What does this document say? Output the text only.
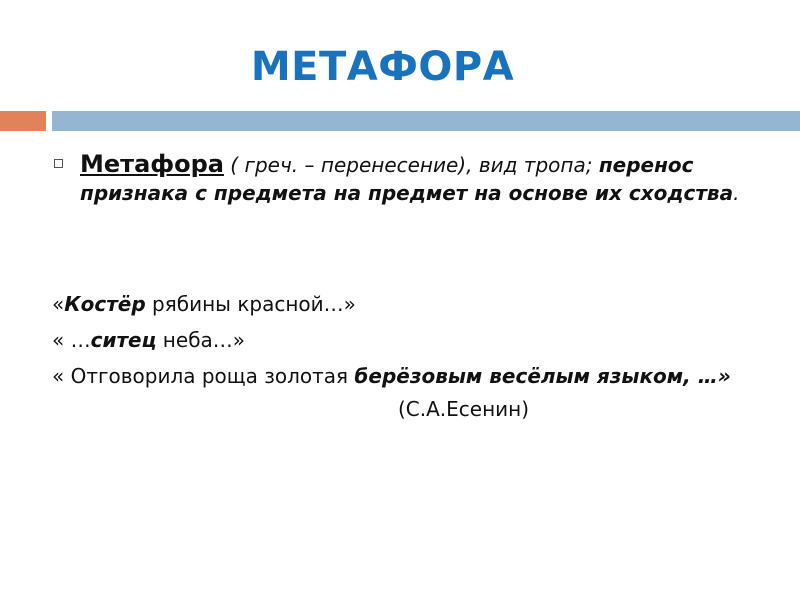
МЕТАФОРА
Метафора ( греч. – перенесение), вид тропа; перенос признака с предмета на предмет на основе их сходства.
«Костёр рябины красной…»
« …ситец неба…»
« Отговорила роща золотая берёзовым весёлым языком, …»
(С.А.Есенин)
